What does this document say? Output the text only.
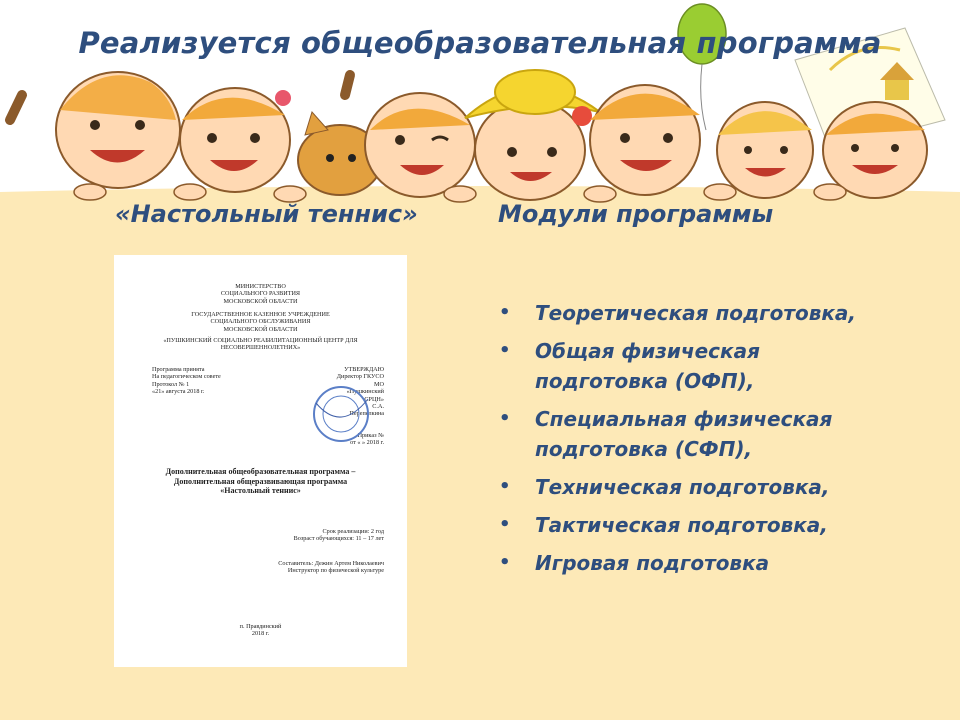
Реализуется общеобразовательная программа
«Настольный теннис»	Модули программы
МИНИСТЕРСТВО
СОЦИАЛЬНОГО РАЗВИТИЯ
МОСКОВСКОЙ ОБЛАСТИ
ГОСУДАРСТВЕННОЕ КАЗЕННОЕ УЧРЕЖДЕНИЕ
СОЦИАЛЬНОГО ОБСЛУЖИВАНИЯ
МОСКОВСКОЙ ОБЛАСТИ
«ПУШКИНСКИЙ СОЦИАЛЬНО РЕАБИЛИТАЦИОННЫЙ ЦЕНТР ДЛЯ
НЕСОВЕРШЕННОЛЕТНИХ»
Программа принята
На педагогическом совете
Протокол № 1
«21» августа 2018 г.
УТВЕРЖДАЮ
Директор ГКУСО МО
«Пушкинский СРЦН»
С.А.
Перепелкина
Приказ №
от « » 2018 г.
Дополнительная общеобразовательная программа –
Дополнительная общеразвивающая программа
«Настольный теннис»
Срок реализации: 2 год
Возраст обучающихся: 11 – 17 лет
Составитель: Дежин Артем Николаевич
Инструктор по физической культуре
п. Правдинский
2018 г.
• Теоретическая подготовка,
• Общая физическая подготовка (ОФП),
• Специальная физическая подготовка (СФП),
• Техническая подготовка,
• Тактическая подготовка,
• Игровая подготовка
